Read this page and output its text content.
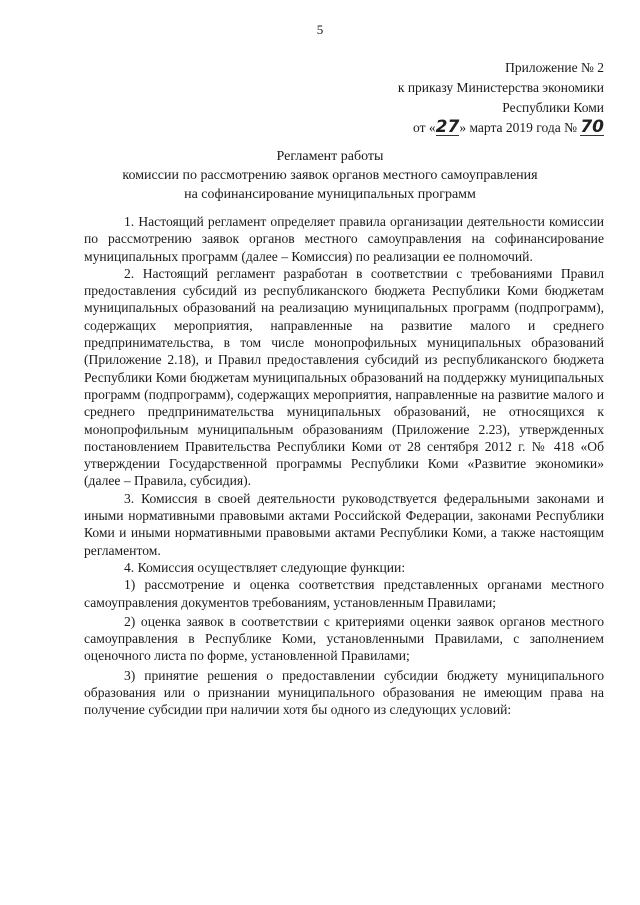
5
Приложение № 2
к приказу Министерства экономики
Республики Коми
от «27» марта 2019 года № 70
Регламент работы
комиссии по рассмотрению заявок органов местного самоуправления
на софинансирование муниципальных программ

1. Настоящий регламент определяет правила организации деятельности комиссии по рассмотрению заявок органов местного самоуправления на софинансирование муниципальных программ (далее – Комиссия) по реализации ее полномочий.

2. Настоящий регламент разработан в соответствии с требованиями Правил предоставления субсидий из республиканского бюджета Республики Коми бюджетам муниципальных образований на реализацию муниципальных программ (подпрограмм), содержащих мероприятия, направленные на развитие малого и среднего предпринимательства, в том числе монопрофильных муниципальных образований (Приложение 2.18), и Правил предоставления субсидий из республиканского бюджета Республики Коми бюджетам муниципальных образований на поддержку муниципальных программ (подпрограмм), содержащих мероприятия, направленные на развитие малого и среднего предпринимательства муниципальных образований, не относящихся к монопрофильным муниципальным образованиям (Приложение 2.23), утвержденных постановлением Правительства Республики Коми от 28 сентября 2012 г. № 418 «Об утверждении Государственной программы Республики Коми «Развитие экономики» (далее – Правила, субсидия).

3. Комиссия в своей деятельности руководствуется федеральными законами и иными нормативными правовыми актами Российской Федерации, законами Республики Коми и иными нормативными правовыми актами Республики Коми, а также настоящим регламентом.

4. Комиссия осуществляет следующие функции:

1) рассмотрение и оценка соответствия представленных органами местного самоуправления документов требованиям, установленным Правилами;

2) оценка заявок в соответствии с критериями оценки заявок органов местного самоуправления в Республике Коми, установленными Правилами, с заполнением оценочного листа по форме, установленной Правилами;

3) принятие решения о предоставлении субсидии бюджету муниципального образования или о признании муниципального образования не имеющим права на получение субсидии при наличии хотя бы одного из следующих условий:
